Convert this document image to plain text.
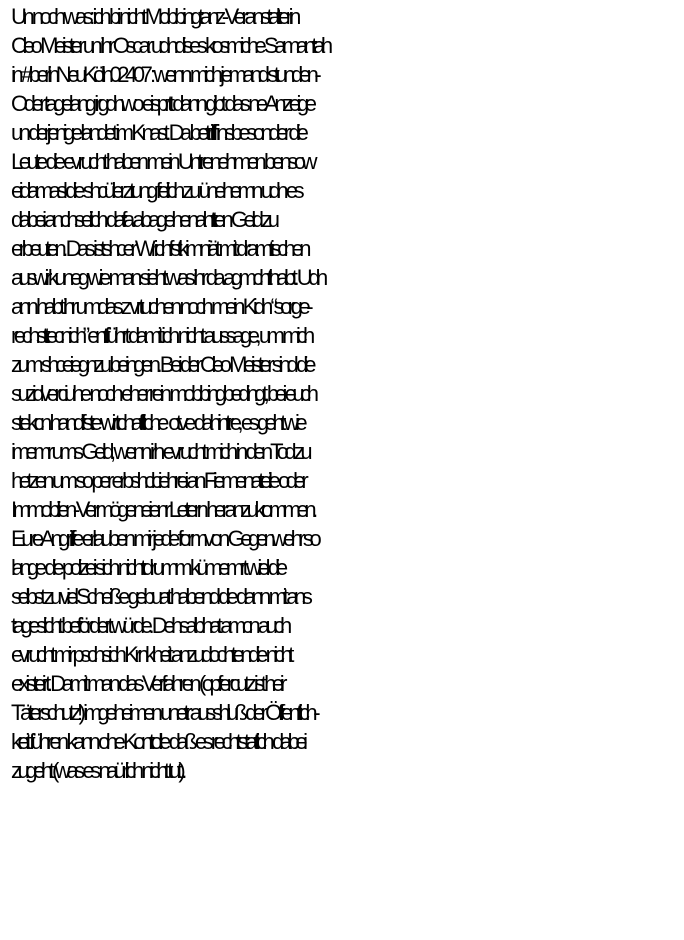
Un noch was: ich bi nicht Mobbingtanz-Veranstalterin
Cleo Meister un ihr Oscar udndises kosmiche Samantah
in #berlinNeuKölln02407 : wenn mich jemand stunden-
Oder tagelang irgdnwo eisprtt dann gibt das ne Anzeige
un derjenige landet im Knast. Da betrifff insbesonder die
Leute die evrucht haben mein Untrenehmen bensow
eidamasl die shcülerztung feilich zu ünehemn udn es
dabei anchseilich dafa abagehenahtten Geld zu
erbeuten. Das istshcer Wrichfstkimniät mit dramtischen
auswirkuneg wie man sieht was ihr da agmchthabt. Udn
ann habt ihr umdas z vrtuchen noch mein Kidn “sorge-
rechsttecnich” entführt damit ich nicht aussage, um mich
zum shceiegnzu beingen. Bei der Cleo Meister sind die
suzidverciuhe noch eher rein mobbingbedingt, bei euch
stekcn handfste wirtchaftliche  otve dahintre, es geht wie
imemr ums Geld, wenn irh evrucht mich in den Tod zu
hetzen um so per erbshclciehrei an Fiemenateile oder
Immobilien-Vermögeneienr Letern heranzukommen.
Eure Angriffe erlauben mir jede formvon Gegenwehr so
lange die polizei sich nichtdrumm kümemrt wiel die
selbst zu viel Scheiße gebuat habend die dann mit ans
tageslicht befördert würde. Dehsalbhat amcn auch
evrucht mir pschsich Krnkheit anzudochtendie nicht
existeirt. Damit man das Verfahren (opfercutz ist heir
Täterschutz!) imgeheimen unetr ausshluß der Öffentlich-
keit führen kann ohe Kontolle daß es rechtstatlich dabei
zugeht (was es naürlich nicht tut).
